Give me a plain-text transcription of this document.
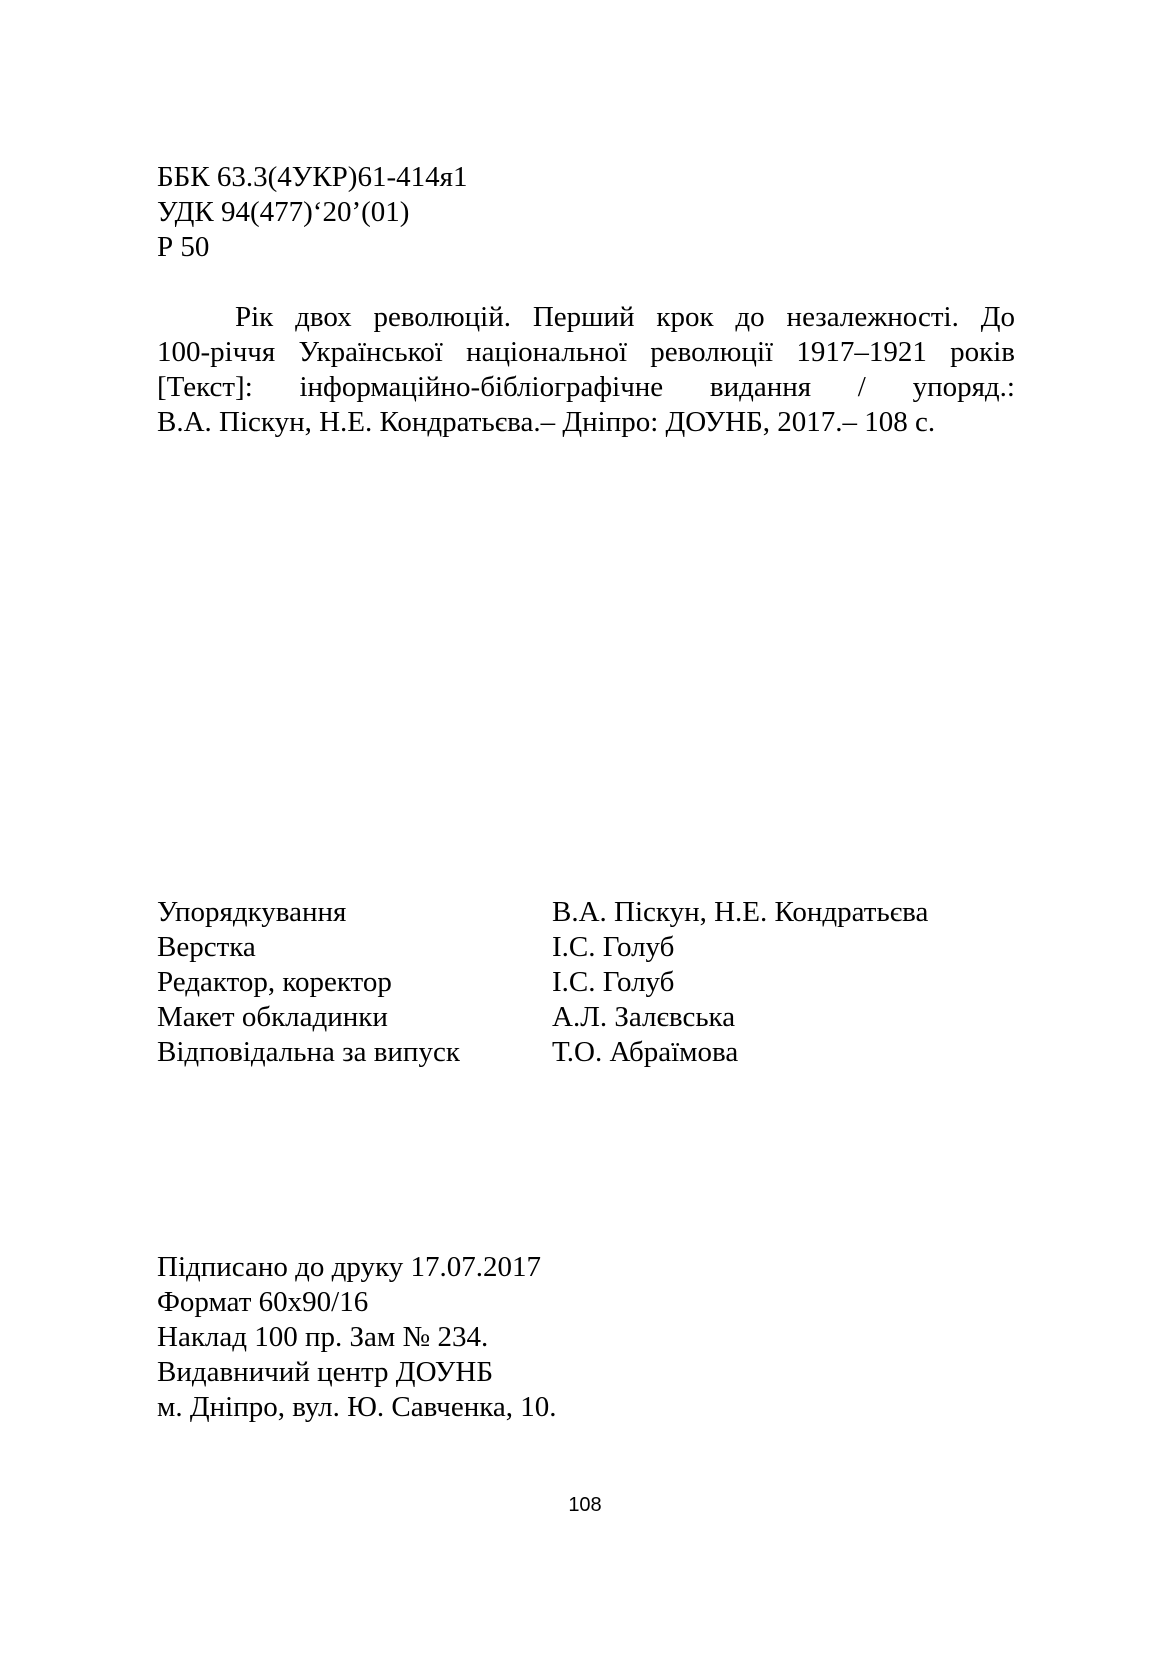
ББК 63.3(4УКР)61-414я1
УДК 94(477)‘20’(01)
Р 50
Рік двох революцій. Перший крок до незалежності. До
100-річчя Української національної революції 1917–1921 років
[Текст]: інформаційно-бібліографічне видання / упоряд.:
В.А. Піскун, Н.Е. Кондратьєва.– Дніпро: ДОУНБ, 2017.– 108 с.
Упорядкування	В.А. Піскун, Н.Е. Кондратьєва
Верстка	І.С. Голуб
Редактор, коректор	І.С. Голуб
Макет обкладинки	А.Л. Залєвська
Відповідальна за випуск	Т.О. Абраїмова
Підписано до друку 17.07.2017
Формат 60х90/16
Наклад 100 пр. Зам № 234.
Видавничий центр ДОУНБ
м. Дніпро, вул. Ю. Савченка, 10.
108
